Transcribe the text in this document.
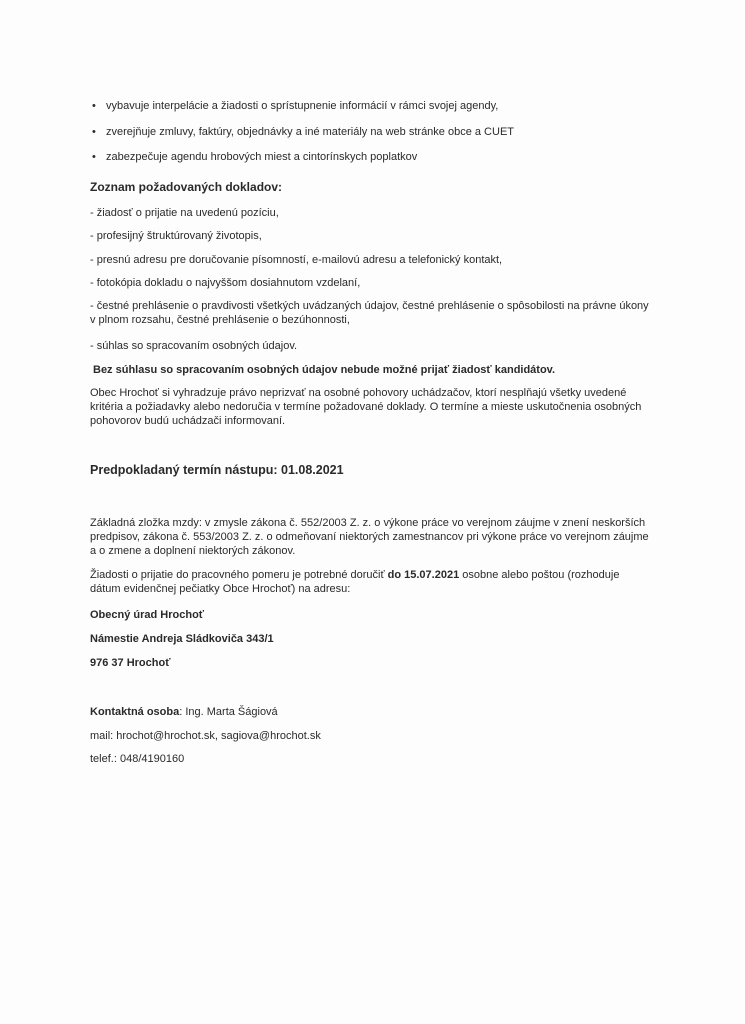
• vybavuje interpelácie a žiadosti o sprístupnenie informácií v rámci svojej agendy,
• zverejňuje zmluvy, faktúry, objednávky a iné materiály na web stránke obce a CUET
• zabezpečuje agendu hrobových miest a cintorínskych poplatkov

Zoznam požadovaných dokladov:

- žiadosť o prijatie na uvedenú pozíciu,

- profesijný štruktúrovaný životopis,

- presnú adresu pre doručovanie písomností, e-mailovú adresu a telefonický kontakt,

- fotokópia dokladu o najvyššom dosiahnutom vzdelaní,

- čestné prehlásenie o pravdivosti všetkých uvádzaných údajov, čestné prehlásenie o spôsobilosti na právne úkony v plnom rozsahu, čestné prehlásenie o bezúhonnosti,

- súhlas so spracovaním osobných údajov.

Bez súhlasu so spracovaním osobných údajov nebude možné prijať žiadosť kandidátov.

Obec Hrochoť si vyhradzuje právo neprizvať na osobné pohovory uchádzačov, ktorí nesplňajú všetky uvedené kritéria a požiadavky alebo nedoručia v termíne požadované doklady. O termíne a mieste uskutočnenia osobných pohovorov budú uchádzači informovaní.

Predpokladaný termín nástupu: 01.08.2021

Základná zložka mzdy: v zmysle zákona č. 552/2003 Z. z. o výkone práce vo verejnom záujme v znení neskorších predpisov, zákona č. 553/2003 Z. z. o odmeňovaní niektorých zamestnancov pri výkone práce vo verejnom záujme a o zmene a doplnení niektorých zákonov.

Žiadosti o prijatie do pracovného pomeru je potrebné doručiť do 15.07.2021 osobne alebo poštou (rozhoduje dátum evidenčnej pečiatky Obce Hrochoť) na adresu:

Obecný úrad Hrochoť

Námestie Andreja Sládkoviča 343/1

976 37 Hrochoť

Kontaktná osoba: Ing. Marta Šágiová

mail: hrochot@hrochot.sk, sagiova@hrochot.sk

telef.: 048/4190160
